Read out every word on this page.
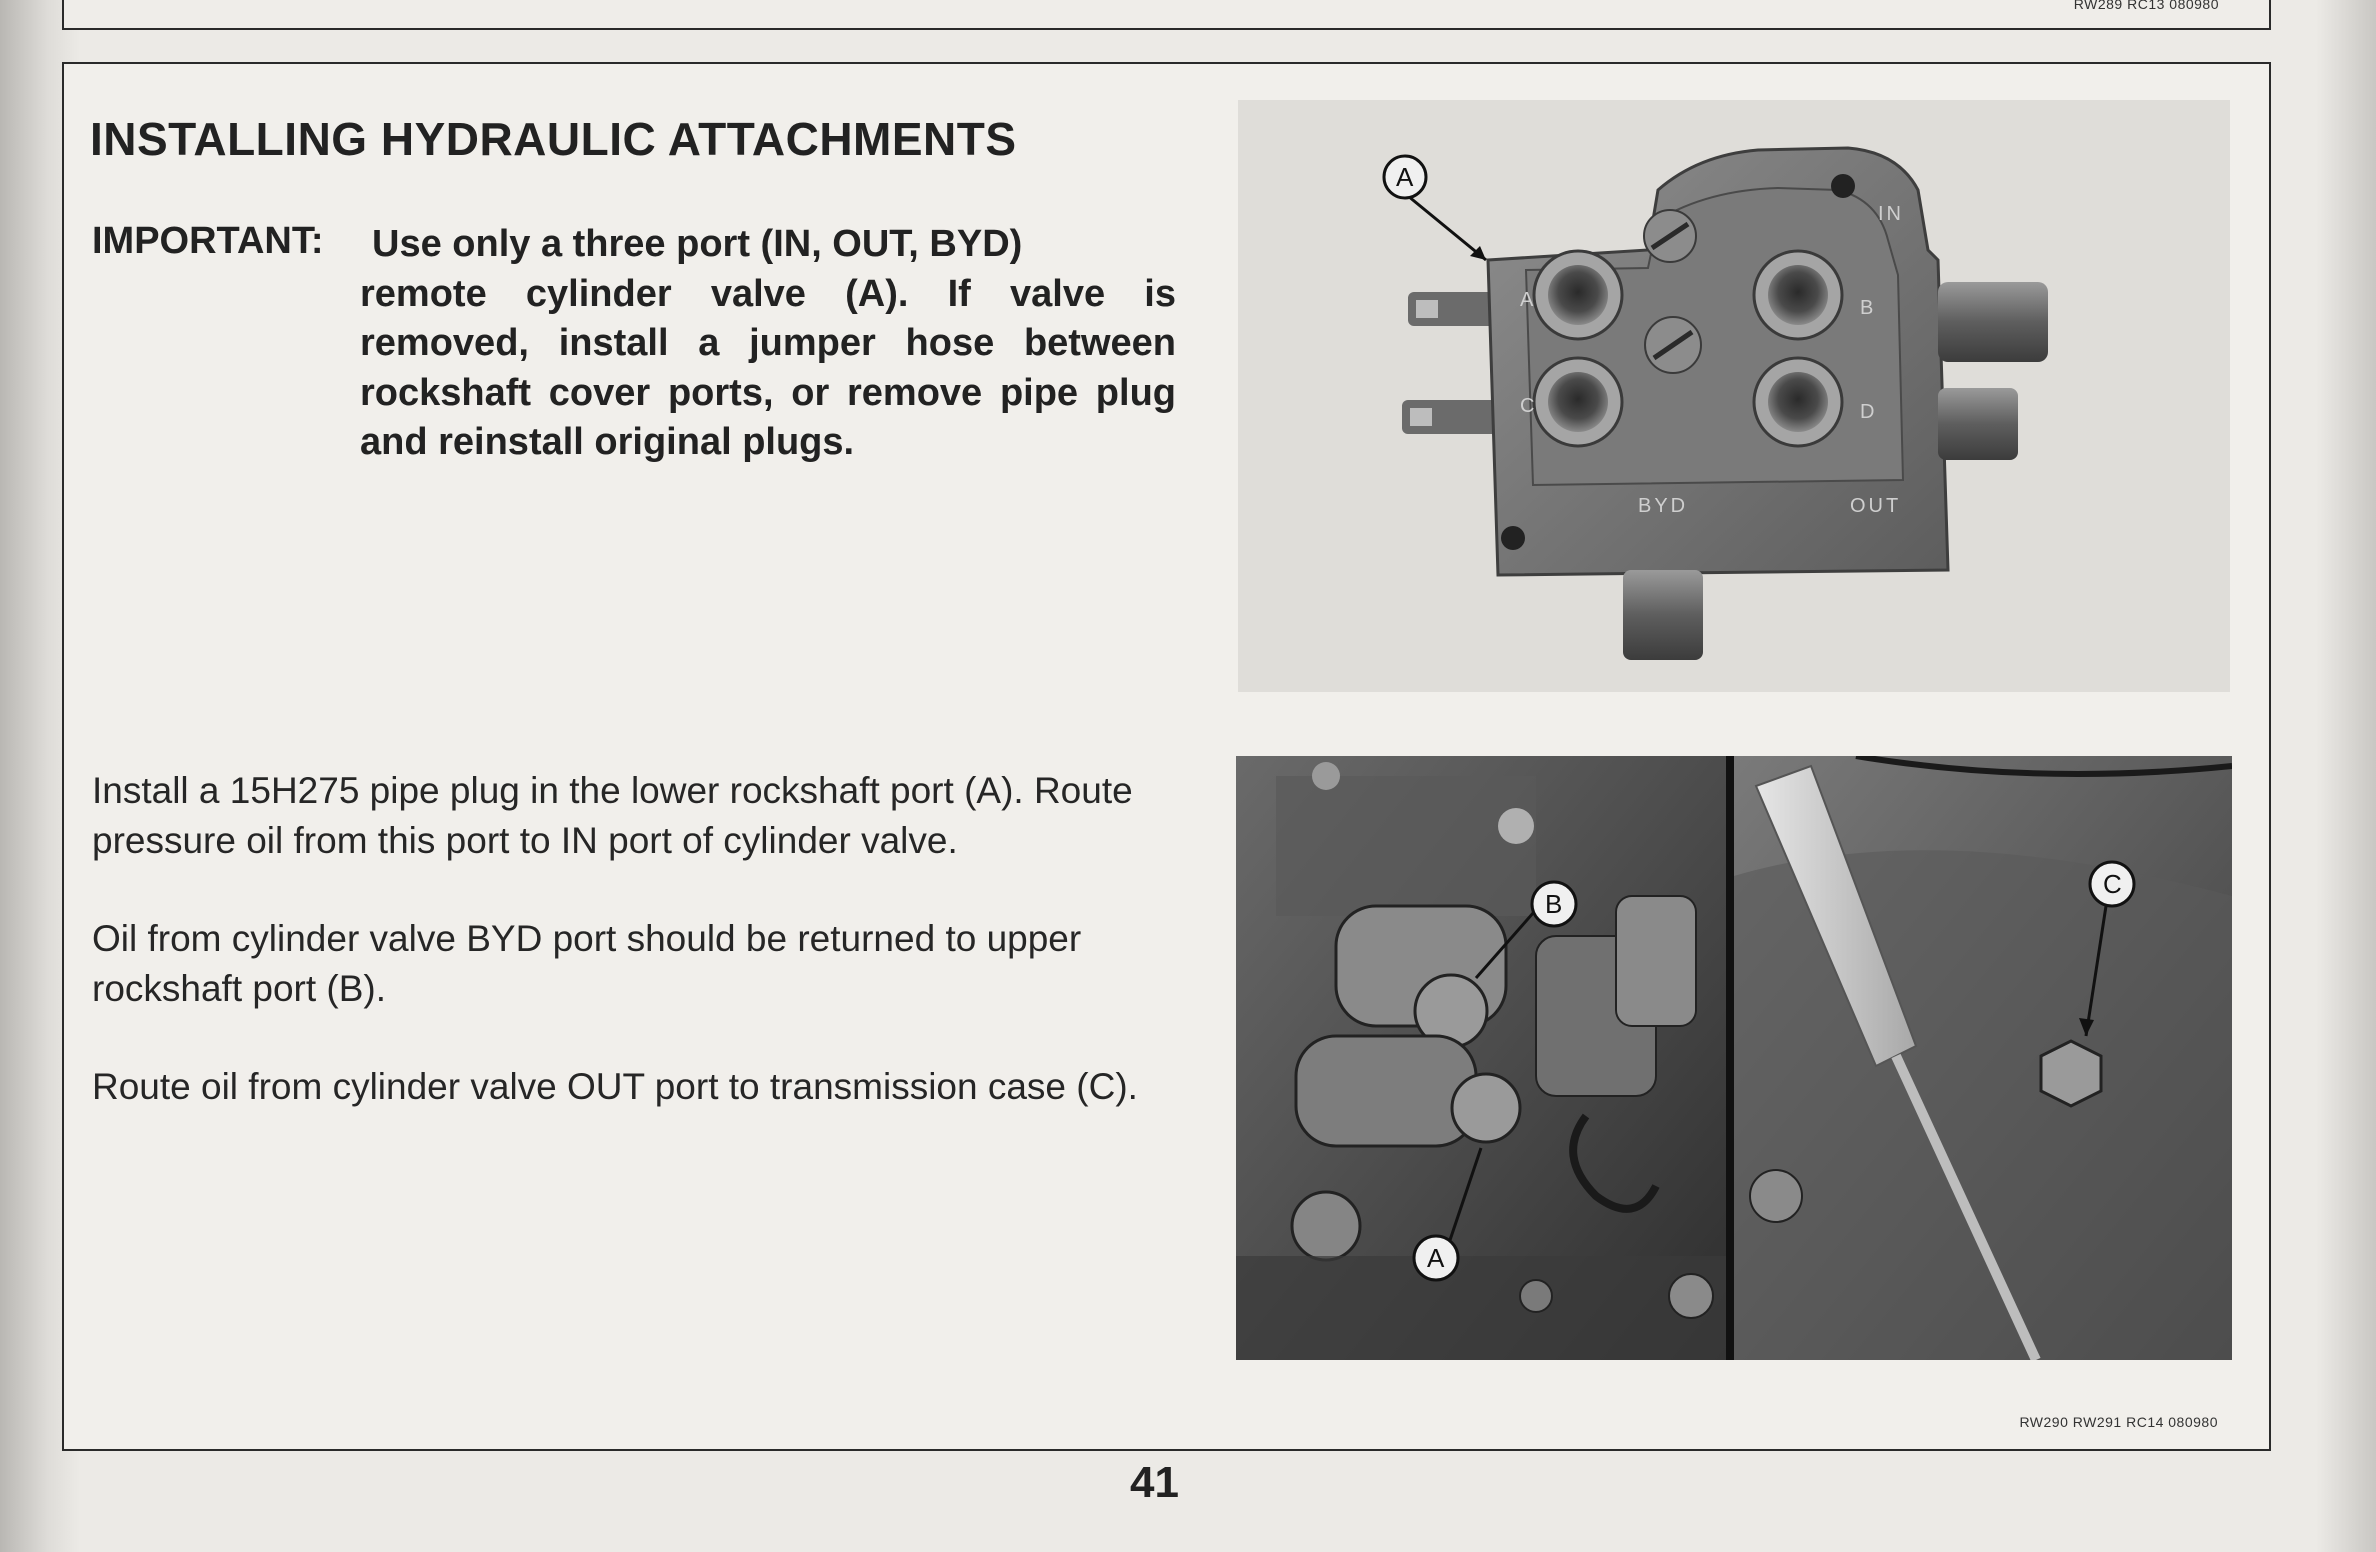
RW289 RC13 080980
INSTALLING HYDRAULIC ATTACHMENTS
IMPORTANT: Use only a three port (IN, OUT, BYD)
remote cylinder valve (A). If valve is removed, install a jumper hose between rockshaft cover ports, or remove pipe plug and reinstall original plugs.
Install a 15H275 pipe plug in the lower rockshaft port (A). Route pressure oil from this port to IN port of cylinder valve.
Oil from cylinder valve BYD port should be returned to upper rockshaft port (B).
Route oil from cylinder valve OUT port to transmission case (C).
IN
A	B
C	D
BYD	OUT
A
B
A
C
RW290 RW291 RC14 080980
41
